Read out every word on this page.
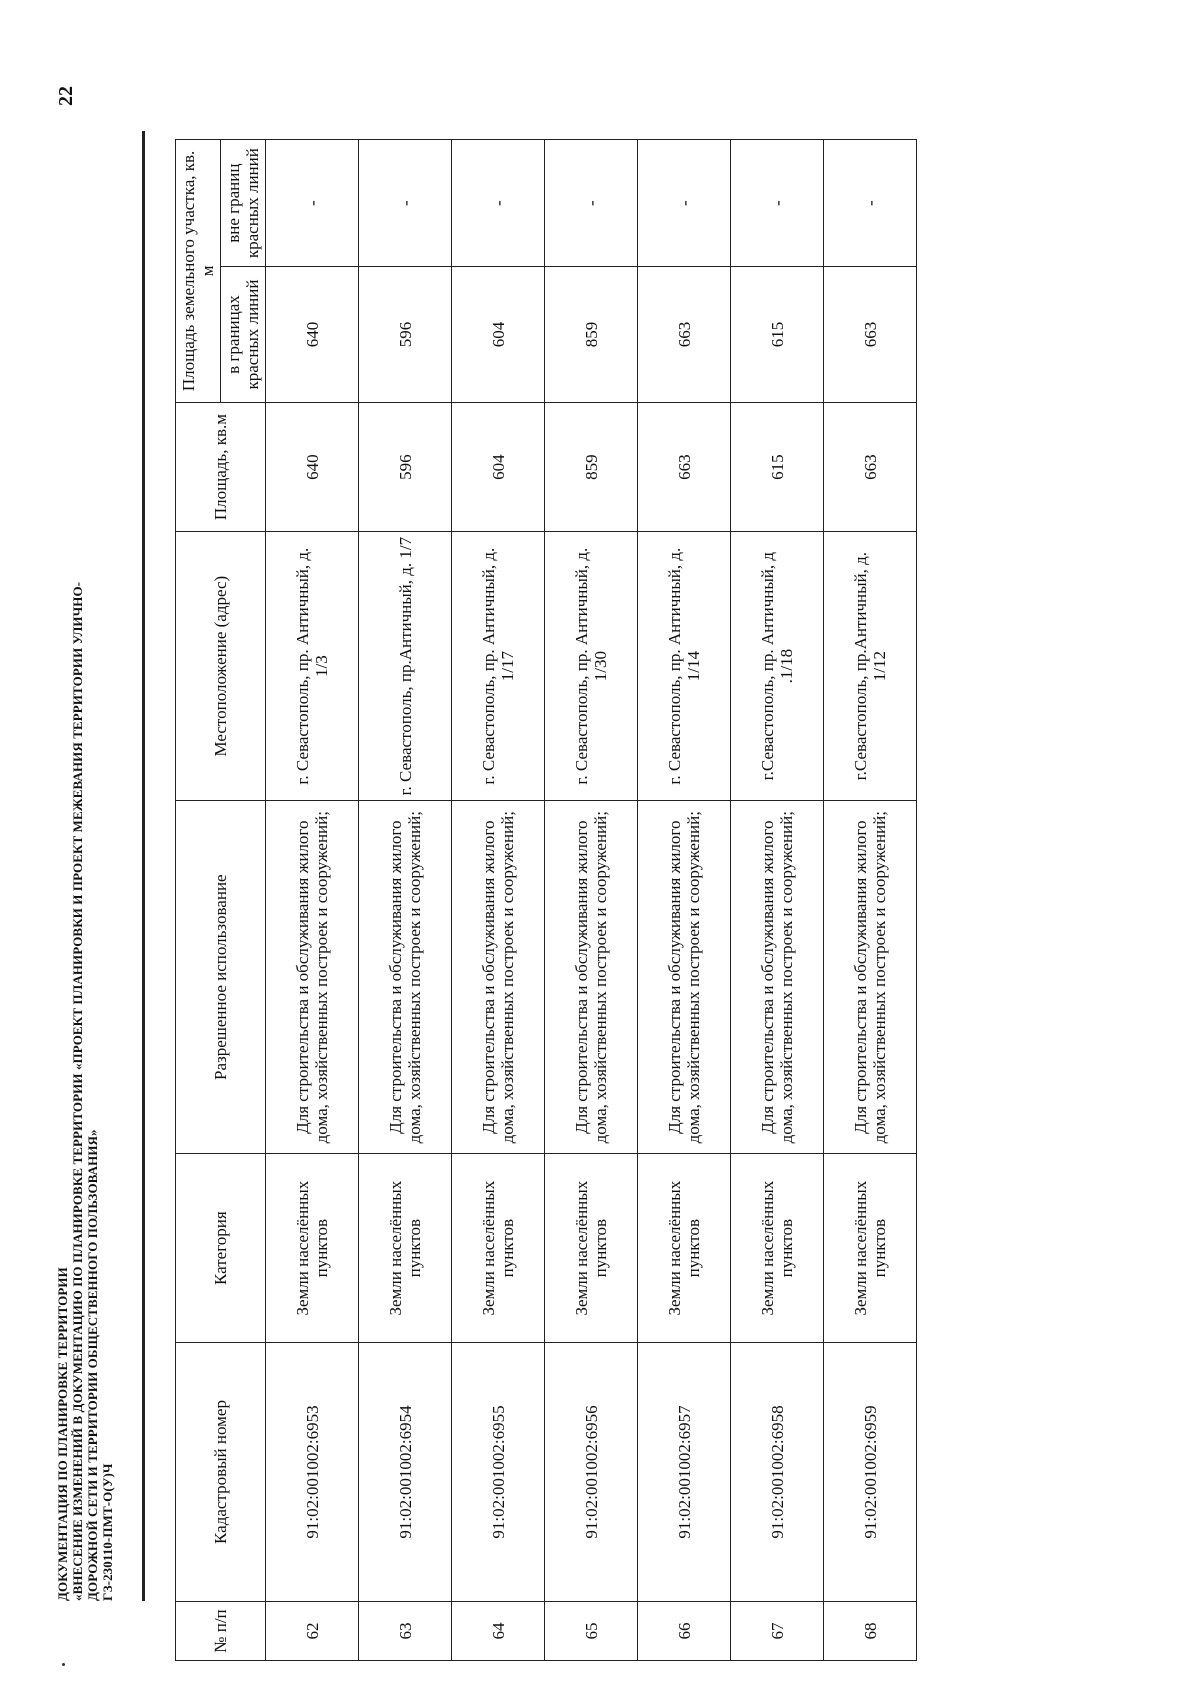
ДОКУМЕНТАЦИЯ ПО ПЛАНИРОВКЕ ТЕРРИТОРИИ «ВНЕСЕНИЕ ИЗМЕНЕНИЙ В ДОКУМЕНТАЦИЮ ПО ПЛАНИРОВКЕ ТЕРРИТОРИИ «ПРОЕКТ ПЛАНИРОВКИ И ПРОЕКТ МЕЖЕВАНИЯ ТЕРРИТОРИИ УЛИЧНО- ДОРОЖНОЙ СЕТИ И ТЕРРИТОРИИ ОБЩЕСТВЕННОГО ПОЛЬЗОВАНИЯ» ГЗ-230110-ПМТ-О(У)Ч
22
№ п/п	Кадастровый номер	Категория	Разрешенное использование	Местоположение (адрес)	Площадь, кв.м	Площадь земельного участка, кв. м	
						в границах красных линий	вне границ красных линий
62	91:02:001002:6953	Земли населённых пунктов	Для строительства и обслуживания жилого дома, хозяйственных построек и сооружений;	г. Севастополь, пр. Античный, д. 1/3	640	640	-
63	91:02:001002:6954	Земли населённых пунктов	Для строительства и обслуживания жилого дома, хозяйственных построек и сооружений;	г. Севастополь, пр.Античный, д. 1/7	596	596	-
64	91:02:001002:6955	Земли населённых пунктов	Для строительства и обслуживания жилого дома, хозяйственных построек и сооружений;	г. Севастополь, пр. Античный, д. 1/17	604	604	-
65	91:02:001002:6956	Земли населённых пунктов	Для строительства и обслуживания жилого дома, хозяйственных построек и сооружений;	г. Севастополь, пр. Античный, д. 1/30	859	859	-
66	91:02:001002:6957	Земли населённых пунктов	Для строительства и обслуживания жилого дома, хозяйственных построек и сооружений;	г. Севастополь, пр. Античный, д. 1/14	663	663	-
67	91:02:001002:6958	Земли населённых пунктов	Для строительства и обслуживания жилого дома, хозяйственных построек и сооружений;	г.Севастополь, пр. Античный, д .1/18	615	615	-
68	91:02:001002:6959	Земли населённых пунктов	Для строительства и обслуживания жилого дома, хозяйственных построек и сооружений;	г.Севастополь, пр.Античный, д. 1/12	663	663	-
